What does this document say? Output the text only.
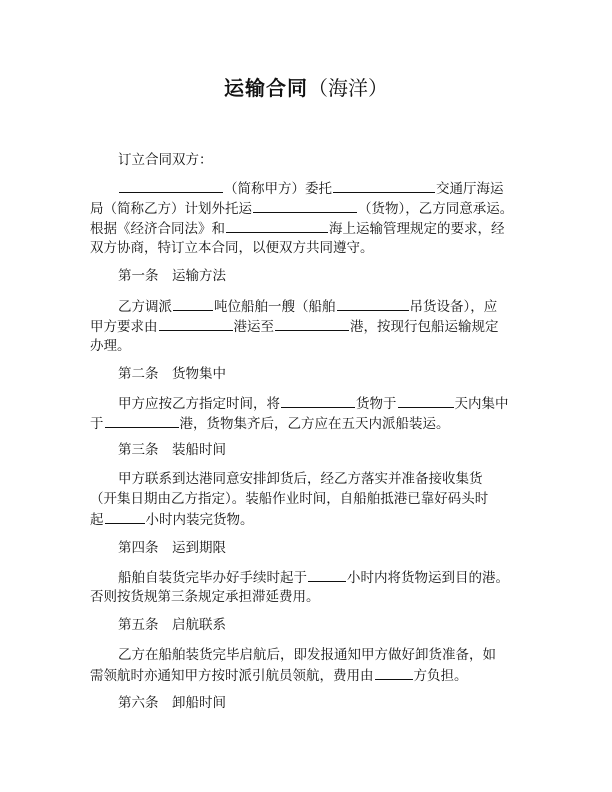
运输合同（海洋）
订立合同双方：
（简称甲方）委托	交通厅海运
局（简称乙方）计划外托运	（货物），乙方同意承运。
根据《经济合同法》和	海上运输管理规定的要求，经
双方协商，特订立本合同，以便双方共同遵守。
第一条　运输方法
乙方调派	吨位船舶一艘（船舶	吊货设备），应
甲方要求由	港运至	港，按现行包船运输规定
办理。
第二条　货物集中
甲方应按乙方指定时间，将	货物于	天内集中
于	港，货物集齐后，乙方应在五天内派船装运。
第三条　装船时间
甲方联系到达港同意安排卸货后，经乙方落实并准备接收集货
（开集日期由乙方指定）。装船作业时间，自船舶抵港已靠好码头时
起	小时内装完货物。
第四条　运到期限
船舶自装货完毕办好手续时起于	小时内将货物运到目的港。
否则按货规第三条规定承担滞延费用。
第五条　启航联系
乙方在船舶装货完毕启航后，即发报通知甲方做好卸货准备，如
需领航时亦通知甲方按时派引航员领航，费用由	方负担。
第六条　卸船时间
